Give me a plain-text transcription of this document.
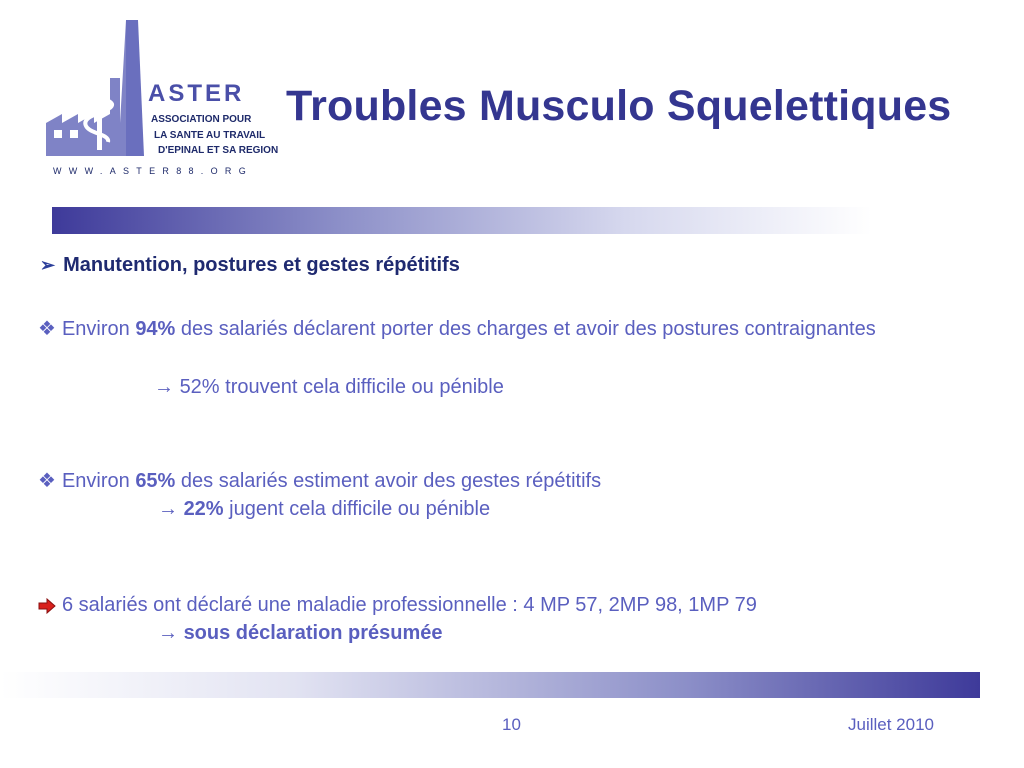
ASTER
ASSOCIATION POUR
LA SANTE AU TRAVAIL
D'EPINAL ET SA REGION
WWW.ASTER88.ORG
Troubles Musculo Squelettiques
➢ Manutention, postures et gestes répétitifs
❖ Environ 94% des salariés déclarent porter des charges et avoir des postures contraignantes
→ 52% trouvent cela difficile ou pénible
❖ Environ 65% des salariés estiment avoir des gestes répétitifs
→ 22% jugent cela difficile ou pénible
6 salariés ont déclaré une maladie professionnelle : 4 MP 57, 2MP 98, 1MP 79
→ sous déclaration présumée
10	Juillet 2010
